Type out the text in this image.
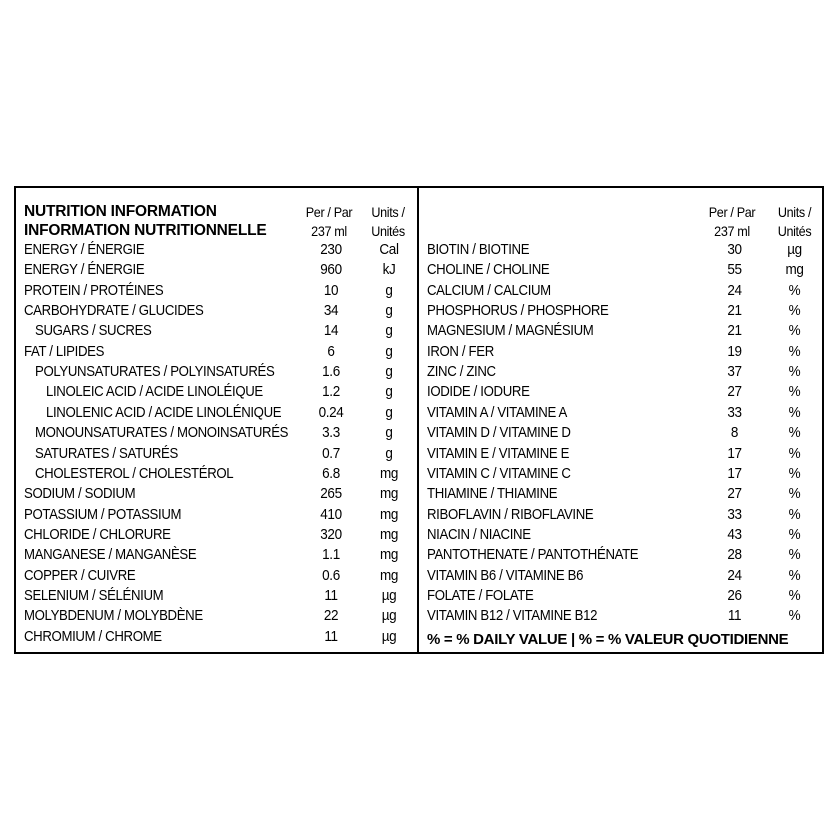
NUTRITION INFORMATION	Per / Par	Units /
INFORMATION NUTRITIONNELLE	237 ml	Unités
ENERGY / ÉNERGIE	230	Cal
ENERGY / ÉNERGIE	960	kJ
PROTEIN / PROTÉINES	10	g
CARBOHYDRATE / GLUCIDES	34	g
SUGARS / SUCRES	14	g
FAT / LIPIDES	6	g
POLYUNSATURATES / POLYINSATURÉS	1.6	g
LINOLEIC ACID / ACIDE LINOLÉIQUE	1.2	g
LINOLENIC ACID / ACIDE LINOLÉNIQUE	0.24	g
MONOUNSATURATES / MONOINSATURÉS	3.3	g
SATURATES / SATURÉS	0.7	g
CHOLESTEROL / CHOLESTÉROL	6.8	mg
SODIUM / SODIUM	265	mg
POTASSIUM / POTASSIUM	410	mg
CHLORIDE / CHLORURE	320	mg
MANGANESE / MANGANÈSE	1.1	mg
COPPER / CUIVRE	0.6	mg
SELENIUM / SÉLÉNIUM	11	µg
MOLYBDENUM / MOLYBDÈNE	22	µg
CHROMIUM / CHROME	11	µg
Per / Par	Units /
237 ml	Unités
BIOTIN / BIOTINE	30	µg
CHOLINE / CHOLINE	55	mg
CALCIUM / CALCIUM	24	%
PHOSPHORUS / PHOSPHORE	21	%
MAGNESIUM / MAGNÉSIUM	21	%
IRON / FER	19	%
ZINC / ZINC	37	%
IODIDE / IODURE	27	%
VITAMIN A / VITAMINE A	33	%
VITAMIN D / VITAMINE D	8	%
VITAMIN E / VITAMINE E	17	%
VITAMIN C / VITAMINE C	17	%
THIAMINE / THIAMINE	27	%
RIBOFLAVIN / RIBOFLAVINE	33	%
NIACIN / NIACINE	43	%
PANTOTHENATE / PANTOTHÉNATE	28	%
VITAMIN B6 / VITAMINE B6	24	%
FOLATE / FOLATE	26	%
VITAMIN B12 / VITAMINE B12	11	%
% = % DAILY VALUE | % = % VALEUR QUOTIDIENNE
